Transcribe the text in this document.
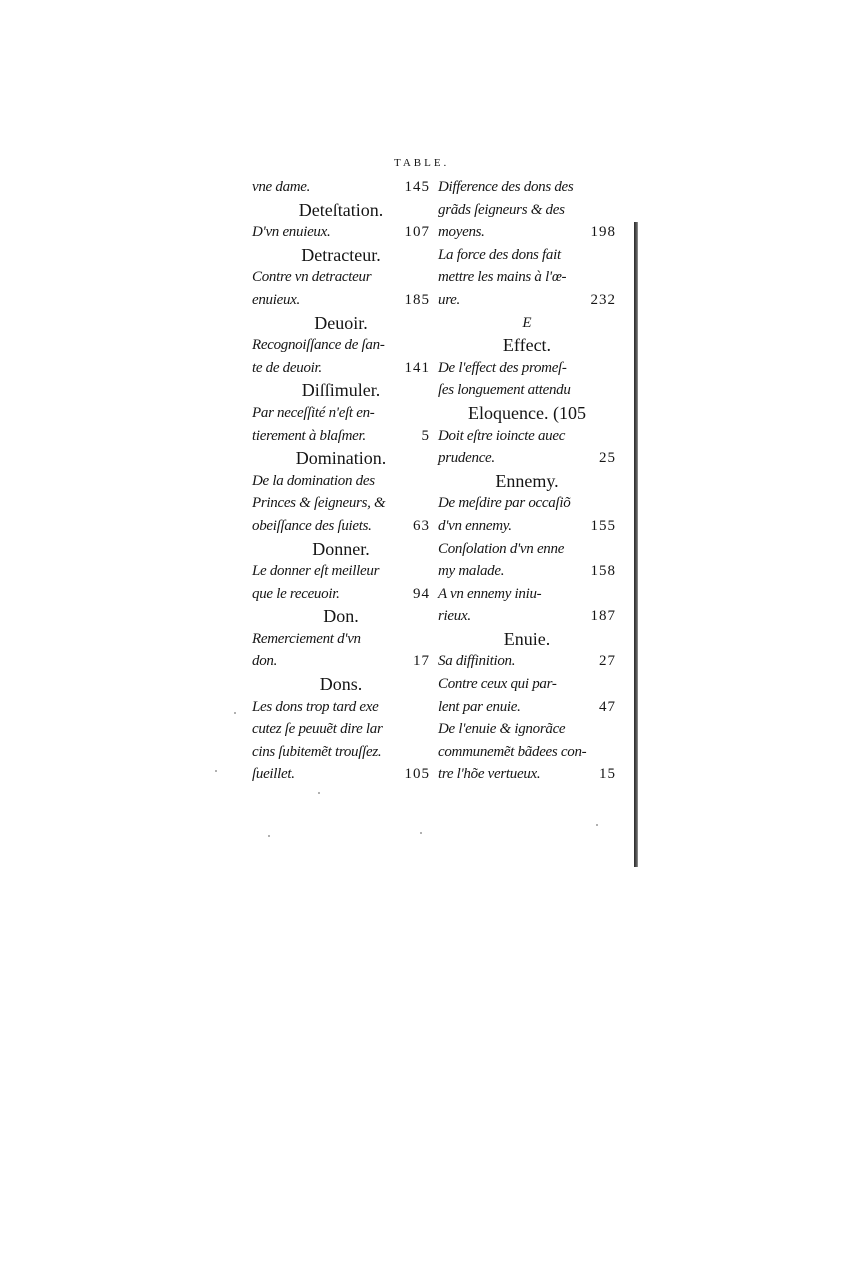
TABLE.
vne dame.	145
Deteſtation.
D'vn enuieux.	107
Detracteur.
Contre vn detracteur
enuieux.	185
Deuoir.
Recognoiſſance de ſan-
te de deuoir.	141
Diſſimuler.
Par neceſſité n'eſt en-
tierement à blaſmer.	5
Domination.
De la domination des
Princes & ſeigneurs, &
obeiſſance des ſuiets.	63
Donner.
Le donner eſt meilleur
que le receuoir.	94
Don.
Remerciement d'vn
don.	17
Dons.
Les dons trop tard exe
cutez ſe peuuẽt dire lar
cins ſubitemẽt trouſſez.
ſueillet.	105
Difference des dons des
grãds ſeigneurs & des
moyens.	198
La force des dons fait
mettre les mains à l'œ-
ure.	232
E
Effect.
De l'effect des promeſ-
ſes longuement attendu
Eloquence. (105
Doit eſtre ioincte auec
prudence.	25
Ennemy.
De meſdire par occaſiõ
d'vn ennemy.	155
Conſolation d'vn enne
my malade.	158
A vn ennemy iniu-
rieux.	187
Enuie.
Sa diffinition.	27
Contre ceux qui par-
lent par enuie.	47
De l'enuie & ignorãce
communemẽt bãdees con-
tre l'hõe vertueux.	15
